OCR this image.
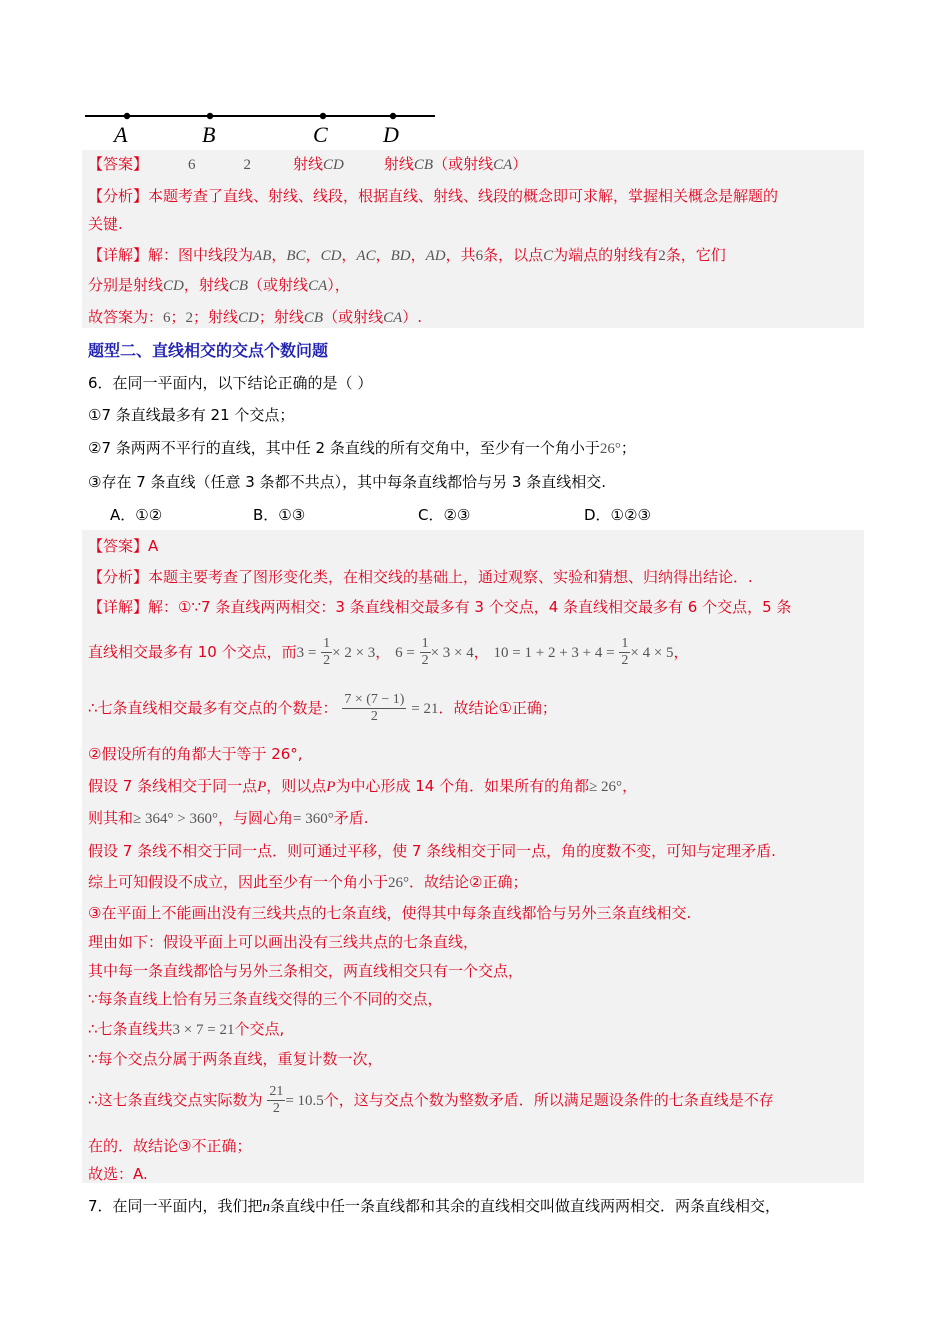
A	B	C	D
【答案】	6	2	射线CD	射线CB（或射线CA）
【分析】本题考查了直线、射线、线段，根据直线、射线、线段的概念即可求解，掌握相关概念是解题的
关键.
【详解】解：图中线段为AB，BC，CD，AC，BD，AD，共6条，以点C为端点的射线有2条，它们
分别是射线CD，射线CB（或射线CA），
故答案为：6；2；射线CD；射线CB（或射线CA）.
题型二、直线相交的交点个数问题
6．在同一平面内，以下结论正确的是（ ）
①7 条直线最多有 21 个交点；
②7 条两两不平行的直线，其中任 2 条直线的所有交角中，至少有一个角小于26°；
③存在 7 条直线（任意 3 条都不共点），其中每条直线都恰与另 3 条直线相交.
A．①②	B．①③	C．②③	D．①②③
【答案】A
【分析】本题主要考查了图形变化类，在相交线的基础上，通过观察、实验和猜想、归纳得出结论．.
【详解】解：①∵7 条直线两两相交：3 条直线相交最多有 3 个交点，4 条直线相交最多有 6 个交点，5 条
直线相交最多有 10 个交点，而$3 = \frac{1}{2} \times 2 \times 3$， $6 = \frac{1}{2} \times 3 \times 4$， $10 = 1 + 2 + 3 + 4 = \frac{1}{2} \times 4 \times 5$，
∴七条直线相交最多有交点的个数是： $\frac{7 \times (7 - 1)}{2} = 21$．故结论①正确；
②假设所有的角都大于等于 26°,
假设 7 条线相交于同一点P，则以点P为中心形成 14 个角．如果所有的角都≥ 26°，
则其和≥ 364° > 360°，与圆心角= 360°矛盾.
假设 7 条线不相交于同一点．则可通过平移，使 7 条线相交于同一点，角的度数不变，可知与定理矛盾.
综上可知假设不成立，因此至少有一个角小于26°．故结论②正确；
③在平面上不能画出没有三线共点的七条直线，使得其中每条直线都恰与另外三条直线相交.
理由如下：假设平面上可以画出没有三线共点的七条直线，
其中每一条直线都恰与另外三条相交，两直线相交只有一个交点，
∵每条直线上恰有另三条直线交得的三个不同的交点，
∴七条直线共3 × 7 = 21个交点,
∵每个交点分属于两条直线，重复计数一次，
∴这七条直线交点实际数为 $\frac{21}{2} = 10.5$个，这与交点个数为整数矛盾．所以满足题设条件的七条直线是不存
在的．故结论③不正确；
故选：A.
7．在同一平面内，我们把n条直线中任一条直线都和其余的直线相交叫做直线两两相交．两条直线相交，
